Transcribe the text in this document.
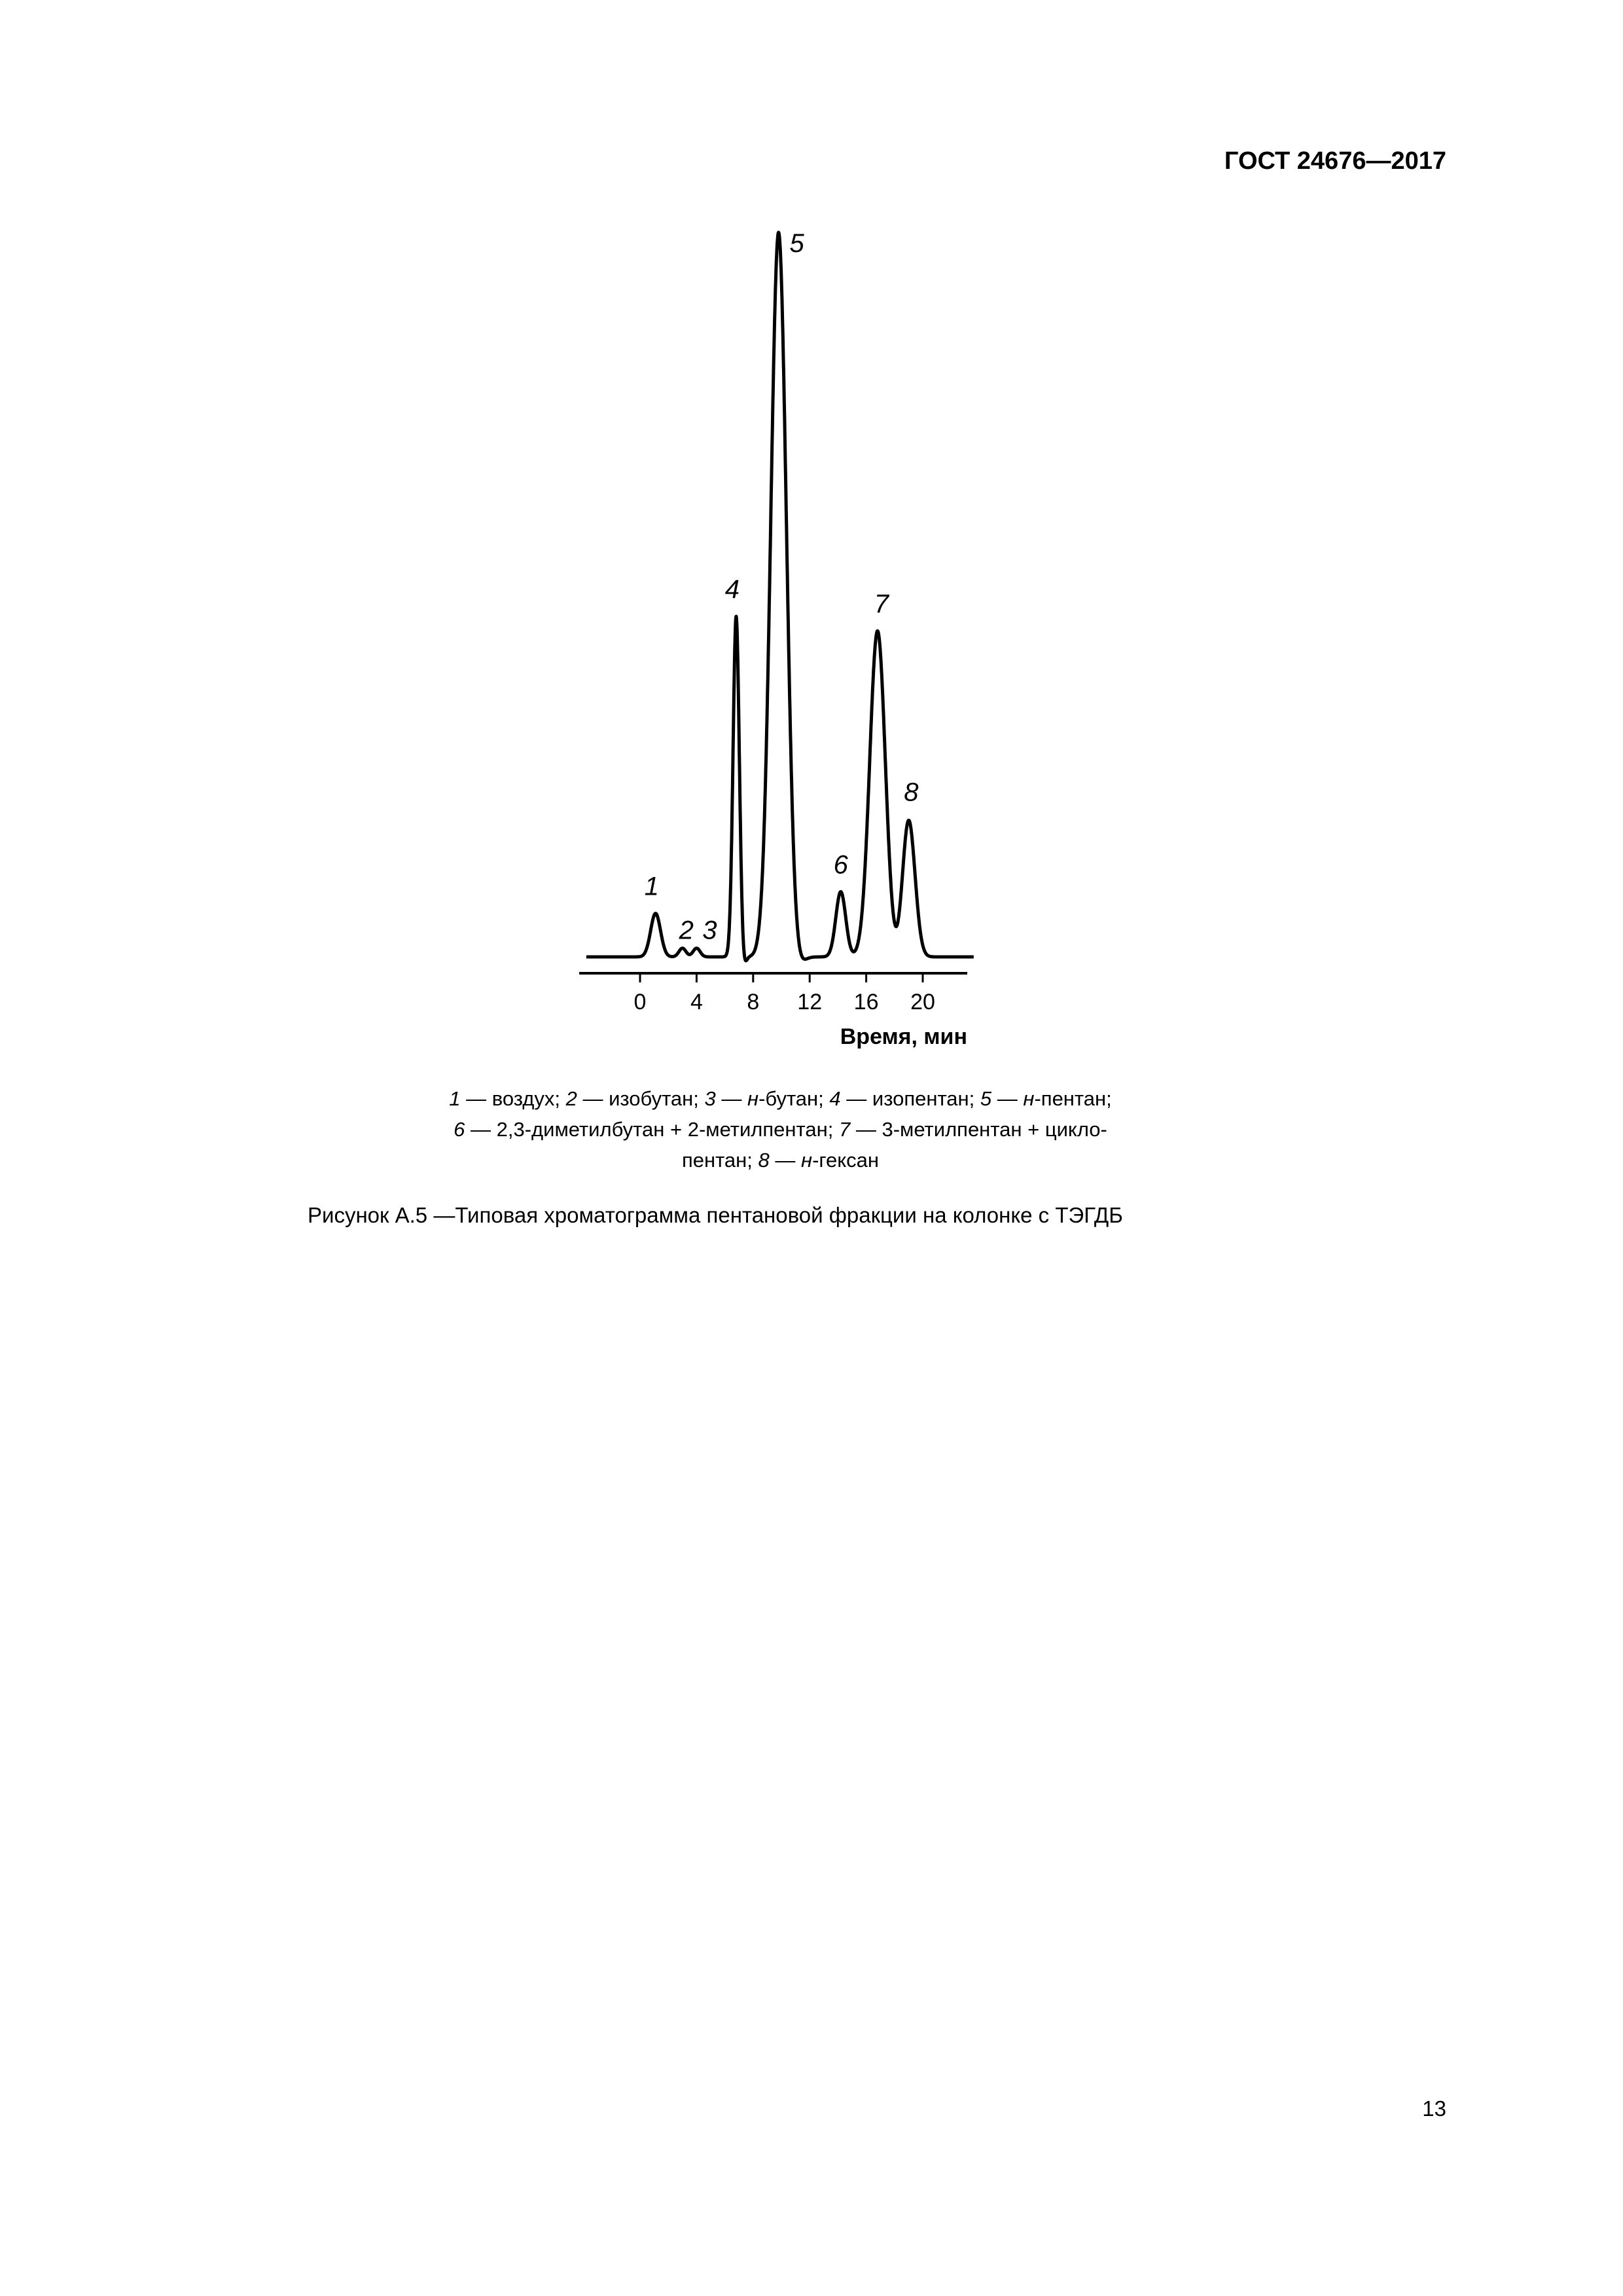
ГОСТ 24676—2017
0 4 8 12 16 20
Время, мин
1
2 3
4
5
6
7
8
1 — воздух; 2 — изобутан; 3 — н-бутан; 4 — изопентан; 5 — н-пентан;
6 — 2,3-диметилбутан + 2-метилпентан; 7 — 3-метилпентан + цикло-
пентан; 8 — н-гексан
Рисунок А.5 —Типовая хроматограмма пентановой фракции на колонке с ТЭГДБ
13
